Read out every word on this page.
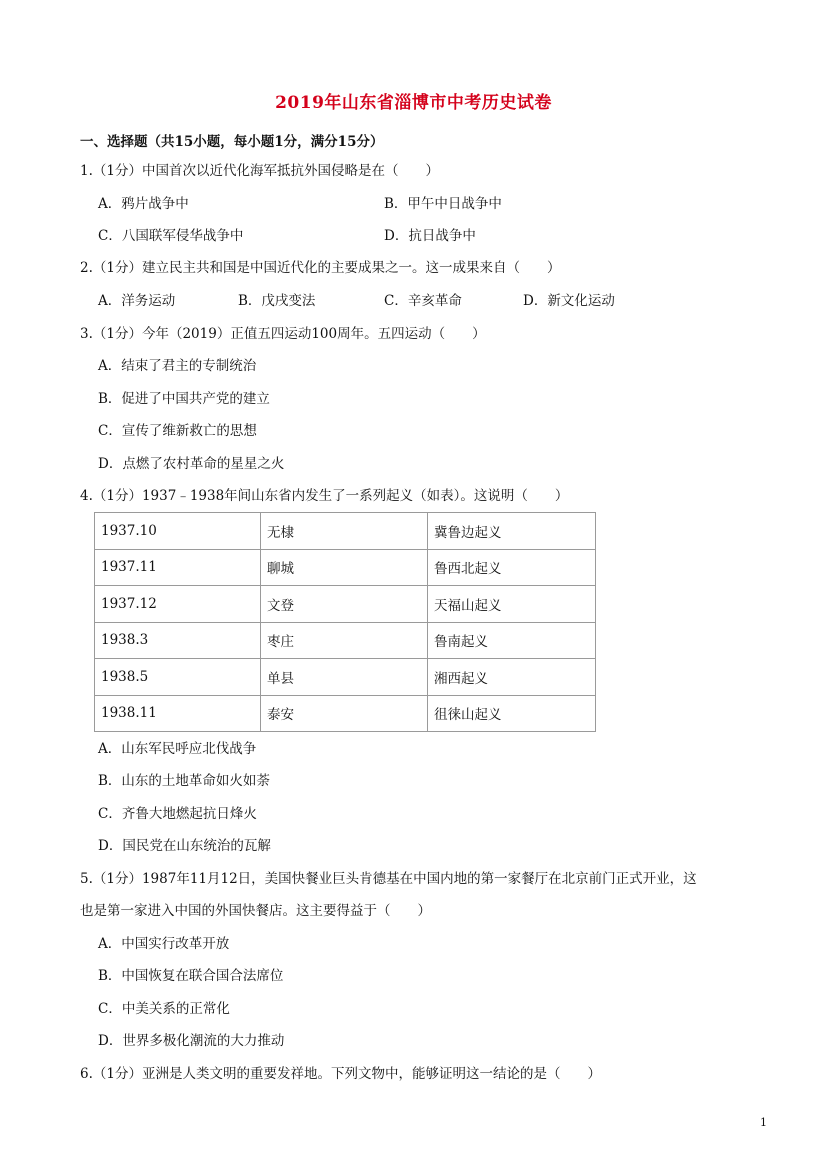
2019年山东省淄博市中考历史试卷
一、选择题（共15小题，每小题1分，满分15分）
1.（1分）中国首次以近代化海军抵抗外国侵略是在（　　）
A．鸦片战争中	B．甲午中日战争中
C．八国联军侵华战争中	D．抗日战争中
2.（1分）建立民主共和国是中国近代化的主要成果之一。这一成果来自（　　）
A．洋务运动	B．戊戌变法	C．辛亥革命	D．新文化运动
3.（1分）今年（2019）正值五四运动100周年。五四运动（　　）
A．结束了君主的专制统治
B．促进了中国共产党的建立
C．宣传了维新救亡的思想
D．点燃了农村革命的星星之火
4.（1分）1937﹣1938年间山东省内发生了一系列起义（如表）。这说明（　　）
1937.10	无棣	冀鲁边起义
1937.11	聊城	鲁西北起义
1937.12	文登	天福山起义
1938.3	枣庄	鲁南起义
1938.5	单县	湘西起义
1938.11	泰安	徂徕山起义
A．山东军民呼应北伐战争
B．山东的土地革命如火如荼
C．齐鲁大地燃起抗日烽火
D．国民党在山东统治的瓦解
5.（1分）1987年11月12日，美国快餐业巨头肯德基在中国内地的第一家餐厅在北京前门正式开业，这
也是第一家进入中国的外国快餐店。这主要得益于（　　）
A．中国实行改革开放
B．中国恢复在联合国合法席位
C．中美关系的正常化
D．世界多极化潮流的大力推动
6.（1分）亚洲是人类文明的重要发祥地。下列文物中，能够证明这一结论的是（　　）
1
